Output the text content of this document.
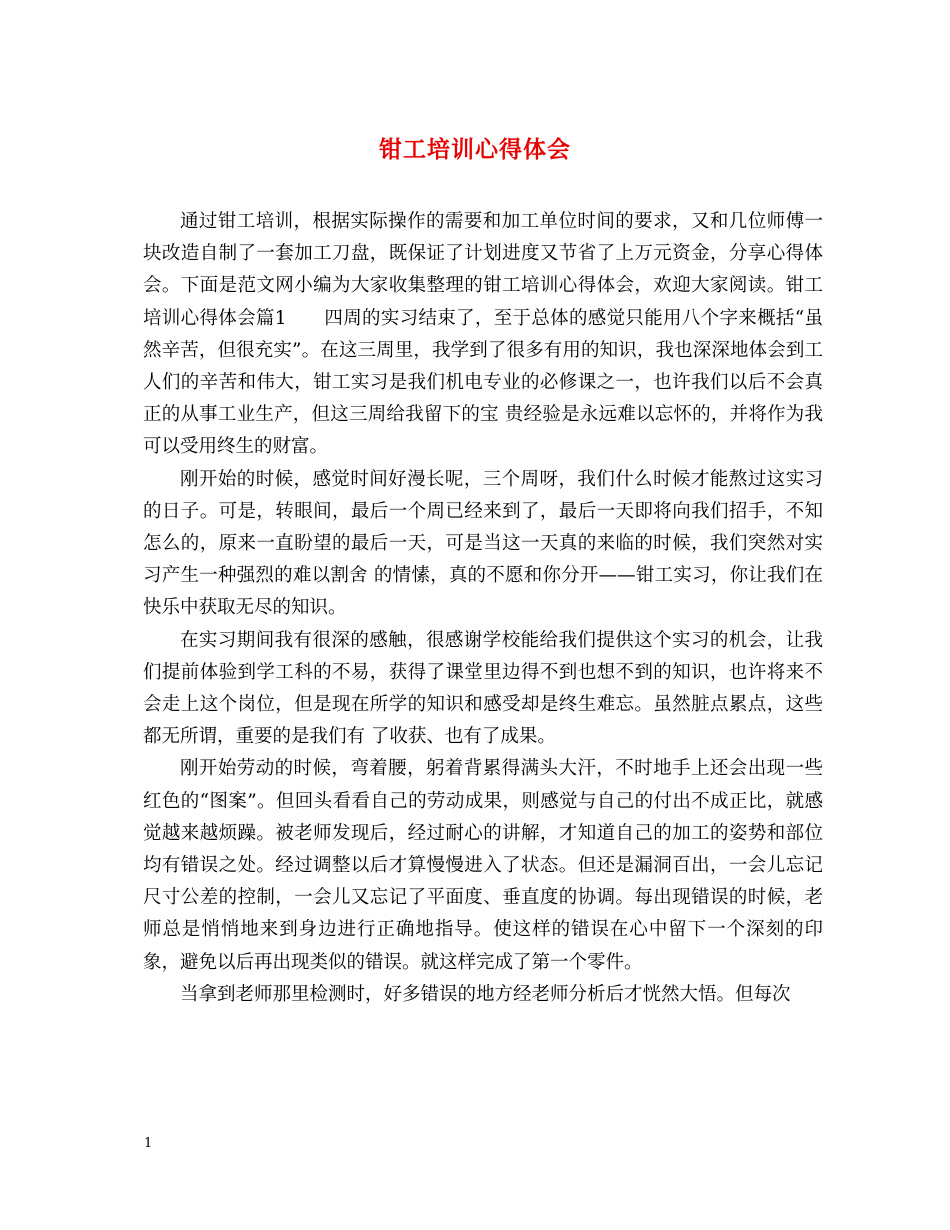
钳工培训心得体会

通过钳工培训，根据实际操作的需要和加工单位时间的要求，又和几位师傅一块改造自制了一套加工刀盘，既保证了计划进度又节省了上万元资金，分享心得体会。下面是范文网小编为大家收集整理的钳工培训心得体会，欢迎大家阅读。钳工培训心得体会篇1　　四周的实习结束了，至于总体的感觉只能用八个字来概括“虽然辛苦，但很充实”。在这三周里，我学到了很多有用的知识，我也深深地体会到工人们的辛苦和伟大，钳工实习是我们机电专业的必修课之一，也许我们以后不会真正的从事工业生产，但这三周给我留下的宝 贵经验是永远难以忘怀的，并将作为我可以受用终生的财富。

刚开始的时候，感觉时间好漫长呢，三个周呀，我们什么时候才能熬过这实习的日子。可是，转眼间，最后一个周已经来到了，最后一天即将向我们招手，不知怎么的，原来一直盼望的最后一天，可是当这一天真的来临的时候，我们突然对实习产生一种强烈的难以割舍 的情愫，真的不愿和你分开——钳工实习，你让我们在快乐中获取无尽的知识。

在实习期间我有很深的感触，很感谢学校能给我们提供这个实习的机会，让我们提前体验到学工科的不易，获得了课堂里边得不到也想不到的知识，也许将来不会走上这个岗位，但是现在所学的知识和感受却是终生难忘。虽然脏点累点，这些都无所谓，重要的是我们有 了收获、也有了成果。

刚开始劳动的时候，弯着腰，躬着背累得满头大汗，不时地手上还会出现一些红色的“图案”。但回头看看自己的劳动成果，则感觉与自己的付出不成正比，就感觉越来越烦躁。被老师发现后，经过耐心的讲解，才知道自己的加工的姿势和部位均有错误之处。经过调整以后才算慢慢进入了状态。但还是漏洞百出，一会儿忘记尺寸公差的控制，一会儿又忘记了平面度、垂直度的协调。每出现错误的时候，老师总是悄悄地来到身边进行正确地指导。使这样的错误在心中留下一个深刻的印象，避免以后再出现类似的错误。就这样完成了第一个零件。

当拿到老师那里检测时，好多错误的地方经老师分析后才恍然大悟。但每次

1
